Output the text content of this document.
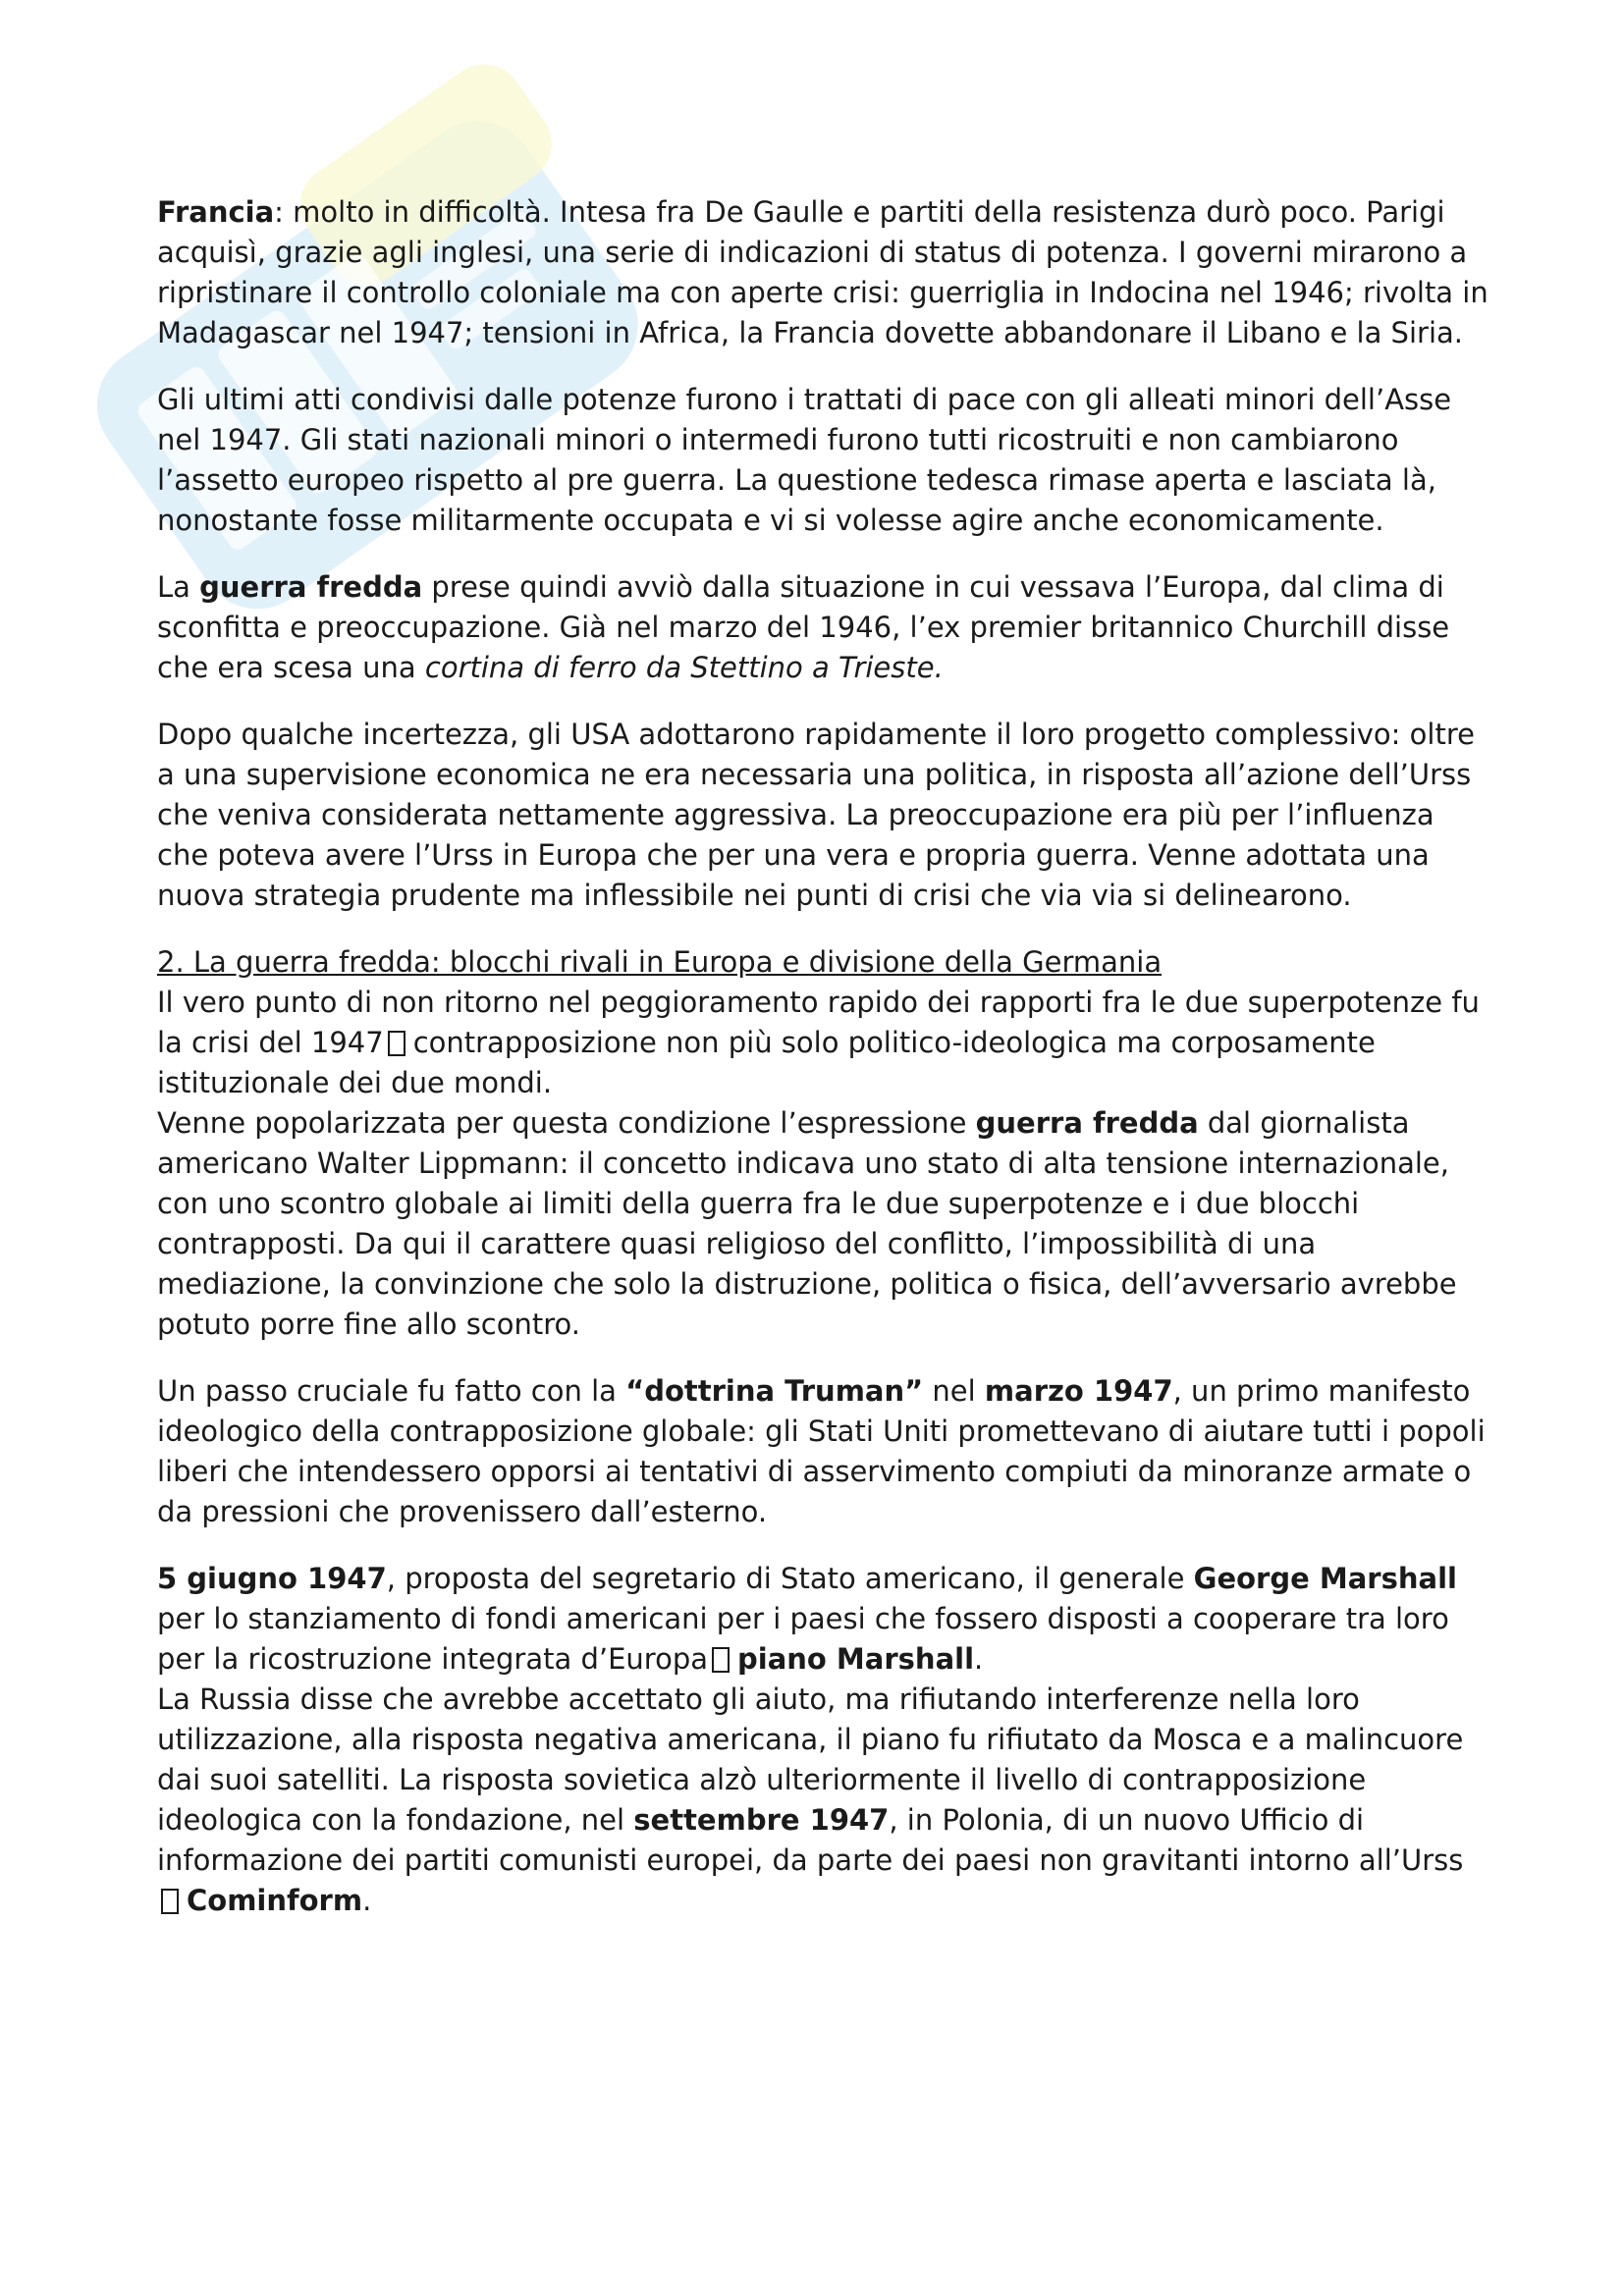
Francia: molto in difficoltà. Intesa fra De Gaulle e partiti della resistenza durò poco. Parigi acquisì, grazie agli inglesi, una serie di indicazioni di status di potenza. I governi mirarono a ripristinare il controllo coloniale ma con aperte crisi: guerriglia in Indocina nel 1946; rivolta in Madagascar nel 1947; tensioni in Africa, la Francia dovette abbandonare il Libano e la Siria.

Gli ultimi atti condivisi dalle potenze furono i trattati di pace con gli alleati minori dell’Asse nel 1947. Gli stati nazionali minori o intermedi furono tutti ricostruiti e non cambiarono l’assetto europeo rispetto al pre guerra. La questione tedesca rimase aperta e lasciata là, nonostante fosse militarmente occupata e vi si volesse agire anche economicamente.

La guerra fredda prese quindi avviò dalla situazione in cui vessava l’Europa, dal clima di sconfitta e preoccupazione. Già nel marzo del 1946, l’ex premier britannico Churchill disse che era scesa una cortina di ferro da Stettino a Trieste.

Dopo qualche incertezza, gli USA adottarono rapidamente il loro progetto complessivo: oltre a una supervisione economica ne era necessaria una politica, in risposta all’azione dell’Urss che veniva considerata nettamente aggressiva. La preoccupazione era più per l’influenza che poteva avere l’Urss in Europa che per una vera e propria guerra. Venne adottata una nuova strategia prudente ma inflessibile nei punti di crisi che via via si delinearono.

2. La guerra fredda: blocchi rivali in Europa e divisione della Germania

Il vero punto di non ritorno nel peggioramento rapido dei rapporti fra le due superpotenze fu la crisi del 1947 contrapposizione non più solo politico-ideologica ma corposamente istituzionale dei due mondi.

Venne popolarizzata per questa condizione l’espressione guerra fredda dal giornalista americano Walter Lippmann: il concetto indicava uno stato di alta tensione internazionale, con uno scontro globale ai limiti della guerra fra le due superpotenze e i due blocchi contrapposti. Da qui il carattere quasi religioso del conflitto, l’impossibilità di una mediazione, la convinzione che solo la distruzione, politica o fisica, dell’avversario avrebbe potuto porre fine allo scontro.

Un passo cruciale fu fatto con la “dottrina Truman” nel marzo 1947, un primo manifesto ideologico della contrapposizione globale: gli Stati Uniti promettevano di aiutare tutti i popoli liberi che intendessero opporsi ai tentativi di asservimento compiuti da minoranze armate o da pressioni che provenissero dall’esterno.

5 giugno 1947, proposta del segretario di Stato americano, il generale George Marshall per lo stanziamento di fondi americani per i paesi che fossero disposti a cooperare tra loro per la ricostruzione integrata d’Europa piano Marshall.

La Russia disse che avrebbe accettato gli aiuto, ma rifiutando interferenze nella loro utilizzazione, alla risposta negativa americana, il piano fu rifiutato da Mosca e a malincuore dai suoi satelliti. La risposta sovietica alzò ulteriormente il livello di contrapposizione ideologica con la fondazione, nel settembre 1947, in Polonia, di un nuovo Ufficio di informazione dei partiti comunisti europei, da parte dei paesi non gravitanti intorno all’UrssCominform.
